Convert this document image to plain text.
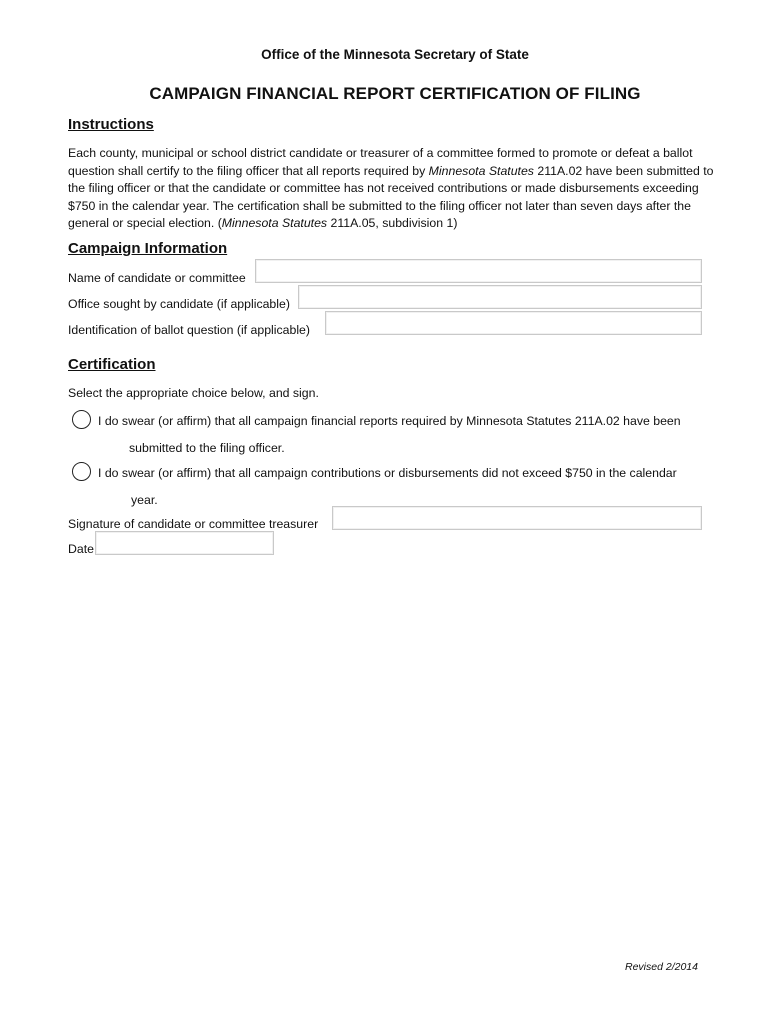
Office of the Minnesota Secretary of State
CAMPAIGN FINANCIAL REPORT CERTIFICATION OF FILING
Instructions
Each county, municipal or school district candidate or treasurer of a committee formed to promote or defeat a ballot question shall certify to the filing officer that all reports required by Minnesota Statutes 211A.02 have been submitted to the filing officer or that the candidate or committee has not received contributions or made disbursements exceeding $750 in the calendar year. The certification shall be submitted to the filing officer not later than seven days after the general or special election. (Minnesota Statutes 211A.05, subdivision 1)
Campaign Information
Name of candidate or committee
Office sought by candidate (if applicable)
Identification of ballot question (if applicable)
Certification
Select the appropriate choice below, and sign.
I do swear (or affirm) that all campaign financial reports required by Minnesota Statutes 211A.02 have been
submitted to the filing officer.
I do swear (or affirm) that all campaign contributions or disbursements did not exceed $750 in the calendar
year.
Signature of candidate or committee treasurer
Date
Revised 2/2014
